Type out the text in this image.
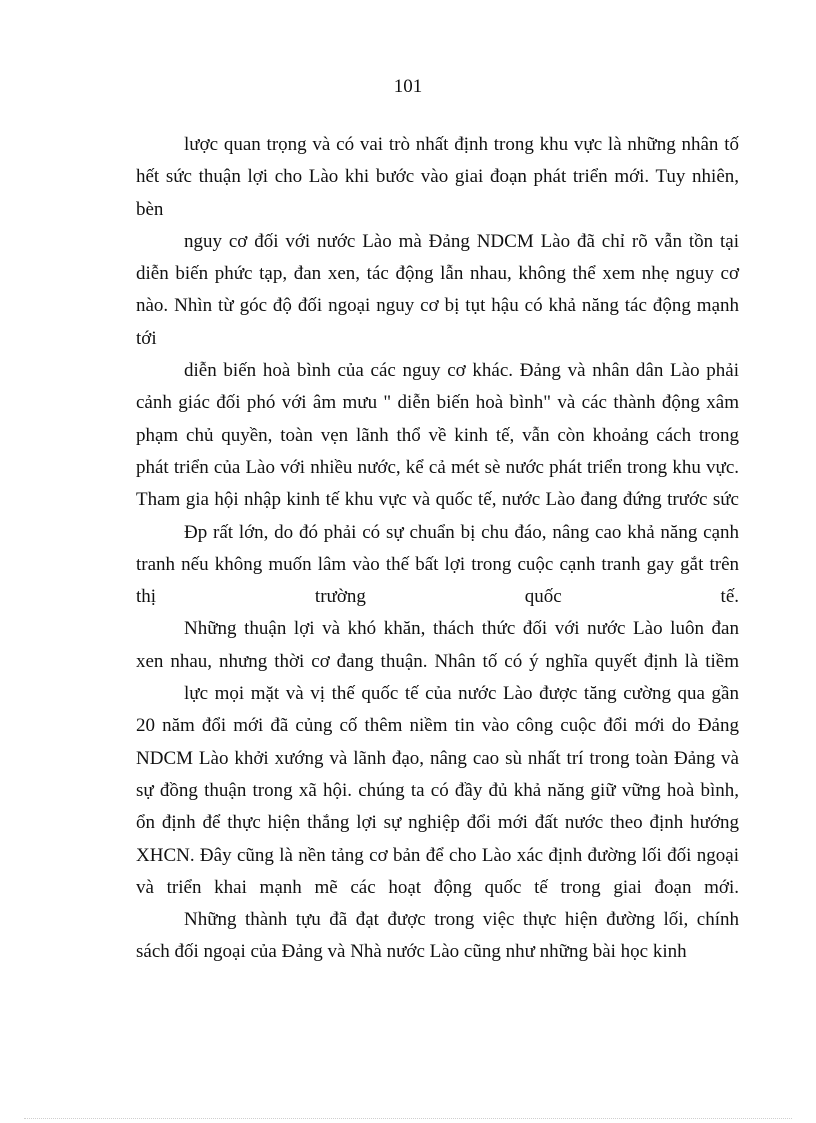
101
lược quan trọng và có vai trò nhất định trong khu vực là những nhân tố
hết sức thuận lợi cho Lào khi bước vào giai đoạn phát triển mới. Tuy nhiên,
bèn
nguy cơ đối với nước Lào mà Đảng NDCM Lào đã chỉ rõ vẫn tồn tại
diễn biến phức tạp, đan xen, tác động lẫn nhau, không thể xem nhẹ nguy cơ
nào. Nhìn từ góc độ đối ngoại nguy cơ bị tụt hậu có khả năng tác động mạnh
tới
diễn biến hoà bình của các nguy cơ khác. Đảng và nhân dân Lào phải
cảnh giác đối phó với âm mưu " diễn biến hoà bình" và các thành động xâm
phạm chủ quyền, toàn vẹn lãnh thổ về kinh tế, vẫn còn khoảng cách trong
phát triển của Lào với nhiều nước, kể cả mét sè nước phát triển trong khu vực.
Tham gia hội nhập kinh tế khu vực và quốc tế, nước Lào đang đứng trước sức
Đp rất lớn, do đó phải có sự chuẩn bị chu đáo, nâng cao khả năng cạnh
tranh nếu không muốn lâm vào thế bất lợi trong cuộc cạnh tranh gay gắt trên
thị trường quốc tế.
Những thuận lợi và khó khăn, thách thức đối với nước Lào luôn đan
xen nhau, nhưng thời cơ đang thuận. Nhân tố có ý nghĩa quyết định là tiềm
lực mọi mặt và vị thế quốc tế của nước Lào được tăng cường qua gần
20 năm đổi mới đã củng cố thêm niềm tin vào công cuộc đổi mới do Đảng
NDCM Lào khởi xướng và lãnh đạo, nâng cao sù nhất trí trong toàn Đảng và
sự đồng thuận trong xã hội. chúng ta có đầy đủ khả năng giữ vững hoà bình,
ổn định để thực hiện thắng lợi sự nghiệp đổi mới đất nước theo định hướng
XHCN. Đây cũng là nền tảng cơ bản để cho Lào xác định đường lối đối ngoại
và triển khai mạnh mẽ các hoạt động quốc tế trong giai đoạn mới.
Những thành tựu đã đạt được trong việc thực hiện đường lối, chính
sách đối ngoại của Đảng và Nhà nước Lào cũng như những bài học kinh
